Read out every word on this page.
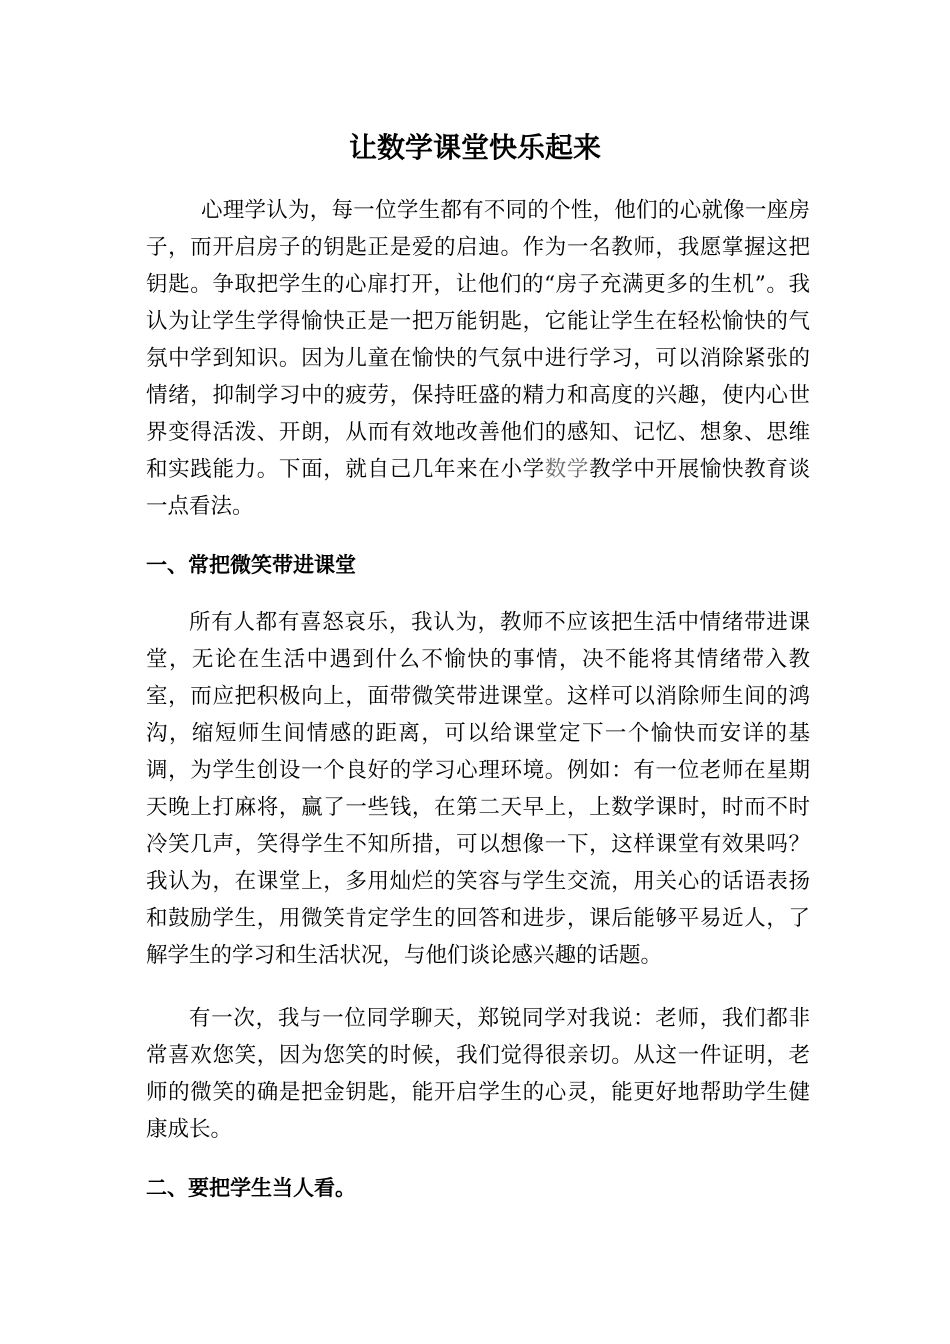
让数学课堂快乐起来

心理学认为，每一位学生都有不同的个性，他们的心就像一座房子，而开启房子的钥匙正是爱的启迪。作为一名教师，我愿掌握这把钥匙。争取把学生的心扉打开，让他们的“房子充满更多的生机”。我认为让学生学得愉快正是一把万能钥匙，它能让学生在轻松愉快的气氛中学到知识。因为儿童在愉快的气氛中进行学习，可以消除紧张的情绪，抑制学习中的疲劳，保持旺盛的精力和高度的兴趣，使内心世界变得活泼、开朗，从而有效地改善他们的感知、记忆、想象、思维和实践能力。下面，就自己几年来在小学数学教学中开展愉快教育谈一点看法。

一、常把微笑带进课堂

所有人都有喜怒哀乐，我认为，教师不应该把生活中情绪带进课堂，无论在生活中遇到什么不愉快的事情，决不能将其情绪带入教室，而应把积极向上，面带微笑带进课堂。这样可以消除师生间的鸿沟，缩短师生间情感的距离，可以给课堂定下一个愉快而安详的基调，为学生创设一个良好的学习心理环境。例如：有一位老师在星期天晚上打麻将，赢了一些钱，在第二天早上，上数学课时，时而不时冷笑几声，笑得学生不知所措，可以想像一下，这样课堂有效果吗？我认为，在课堂上，多用灿烂的笑容与学生交流，用关心的话语表扬和鼓励学生，用微笑肯定学生的回答和进步，课后能够平易近人，了解学生的学习和生活状况，与他们谈论感兴趣的话题。

有一次，我与一位同学聊天，郑锐同学对我说：老师，我们都非常喜欢您笑，因为您笑的时候，我们觉得很亲切。从这一件证明，老师的微笑的确是把金钥匙，能开启学生的心灵，能更好地帮助学生健康成长。

二、要把学生当人看。
